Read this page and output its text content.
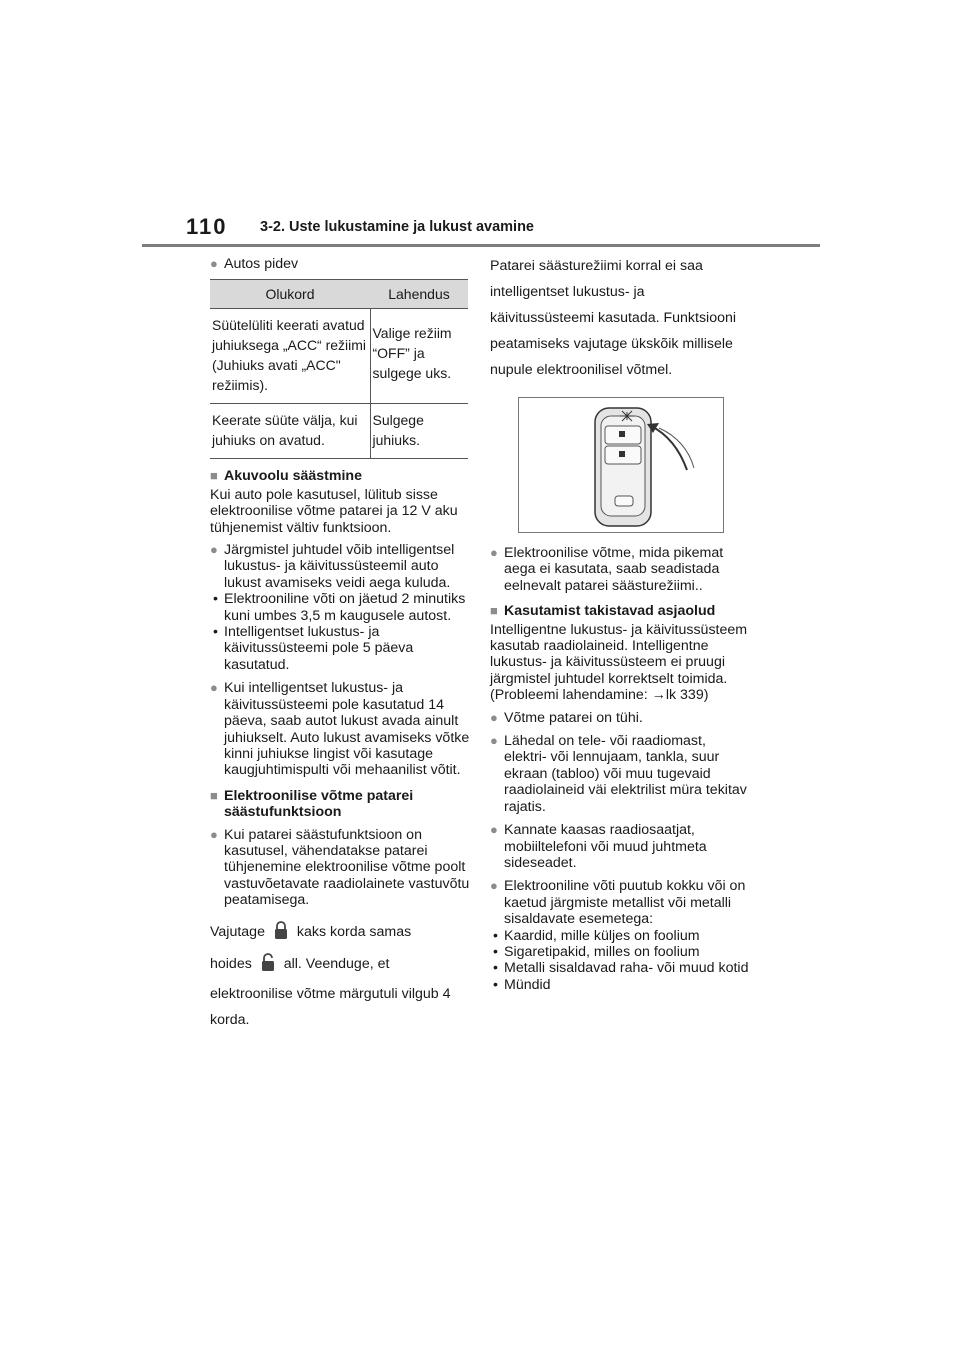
110 3-2. Uste lukustamine ja lukust avamine
● Autos pidev
Olukord	Lahendus
Süütelüliti keerati avatud juhiuksega „ACC“ režiimi (Juhiuks avati „ACC" režiimis).	Valige režiim “OFF” ja sulgege uks.
Keerate süüte välja, kui juhiuks on avatud.	Sulgege juhiuks.
■ Akuvoolu säästmine
Kui auto pole kasutusel, lülitub sisse elektroonilise võtme patarei ja 12 V aku tühjenemist vältiv funktsioon.
● Järgmistel juhtudel võib intelligentsel lukustus- ja käivitussüsteemil auto lukust avamiseks veidi aega kuluda.
• Elektrooniline võti on jäetud 2 minutiks kuni umbes 3,5 m kaugusele autost.
• Intelligentset lukustus- ja käivitussüsteemi pole 5 päeva kasutatud.
● Kui intelligentset lukustus- ja käivitussüsteemi pole kasutatud 14 päeva, saab autot lukust avada ainult juhiukselt. Auto lukust avamiseks võtke kinni juhiukse lingist või kasutage kaugjuhtimispulti või mehaanilist võtit.
■ Elektroonilise võtme patarei säästufunktsioon
● Kui patarei säästufunktsioon on kasutusel, vähendatakse patarei tühjenemine elektroonilise võtme poolt vastuvõetavate raadiolainete vastuvõtu peatamisega.

Vajutage kaks korda samas

hoides all. Veenduge, et

elektroonilise võtme märgutuli vilgub 4 korda.

Patarei säästurežiimi korral ei saa intelligentset lukustus- ja käivitussüsteemi kasutada. Funktsiooni peatamiseks vajutage ükskõik millisele nupule elektroonilisel võtmel.

● Elektroonilise võtme, mida pikemat aega ei kasutata, saab seadistada eelnevalt patarei säästurežiimi..
■ Kasutamist takistavad asjaolud
Intelligentne lukustus- ja käivitussüsteem kasutab raadiolaineid. Intelligentne lukustus- ja käivitussüsteem ei pruugi järgmistel juhtudel korrektselt toimida. (Probleemi lahendamine: →lk 339)
● Võtme patarei on tühi.
● Lähedal on tele- või raadiomast, elektri- või lennujaam, tankla, suur ekraan (tabloo) või muu tugevaid raadiolaineid väi elektrilist müra tekitav rajatis.
● Kannate kaasas raadiosaatjat, mobiiltelefoni või muud juhtmeta sideseadet.
● Elektrooniline võti puutub kokku või on kaetud järgmiste metallist või metalli sisaldavate esemetega:
• Kaardid, mille küljes on foolium
• Sigaretipakid, milles on foolium
• Metalli sisaldavad raha- või muud kotid
• Mündid
